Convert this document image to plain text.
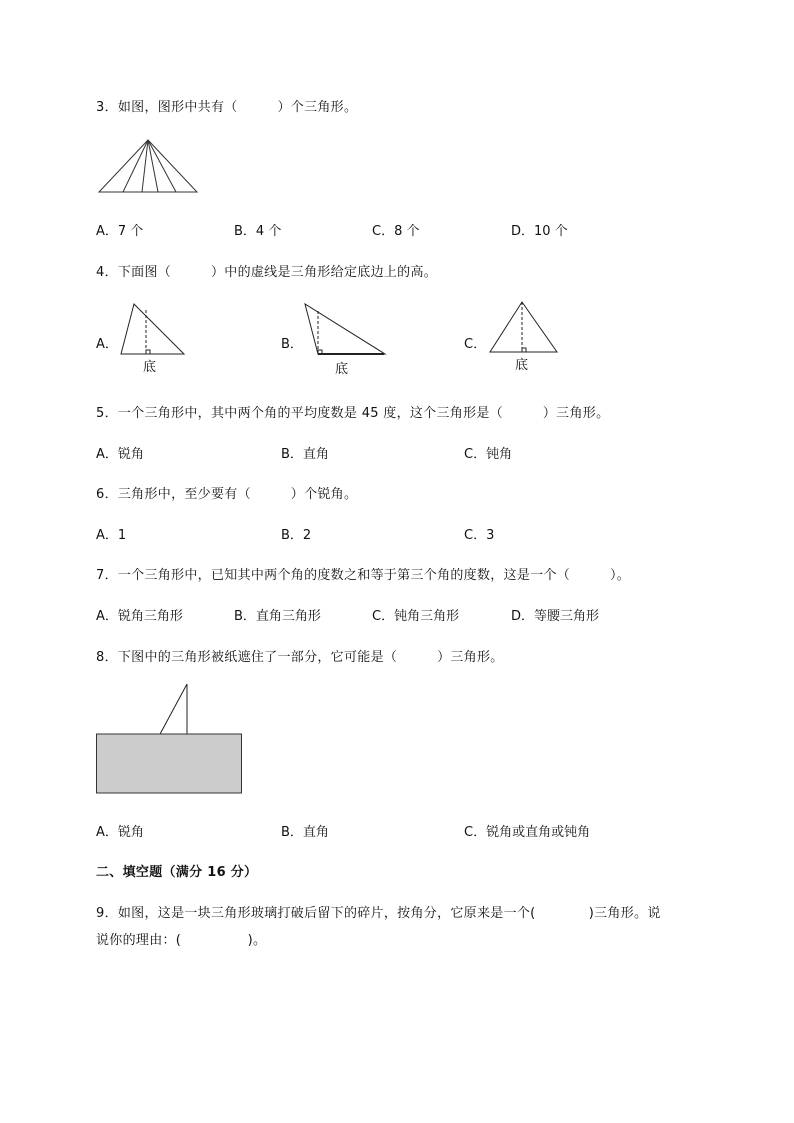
3．如图，图形中共有（　　　）个三角形。
A．7 个	B．4 个	C．8 个	D．10 个
4．下面图（　　　）中的虚线是三角形给定底边上的高。
A．
底
B．
底
C．
底
5．一个三角形中，其中两个角的平均度数是 45 度，这个三角形是（　　　）三角形。
A．锐角	B．直角	C．钝角
6．三角形中，至少要有（　　　）个锐角。
A．1	B．2	C．3
7．一个三角形中，已知其中两个角的度数之和等于第三个角的度数，这是一个（　　　）。
A．锐角三角形	B．直角三角形	C．钝角三角形	D．等腰三角形
8．下图中的三角形被纸遮住了一部分，它可能是（　　　）三角形。
A．锐角	B．直角	C．锐角或直角或钝角
二、填空题（满分 16 分）
9．如图，这是一块三角形玻璃打破后留下的碎片，按角分，它原来是一个(　　　　)三角形。说
说你的理由：(　　　　　)。
